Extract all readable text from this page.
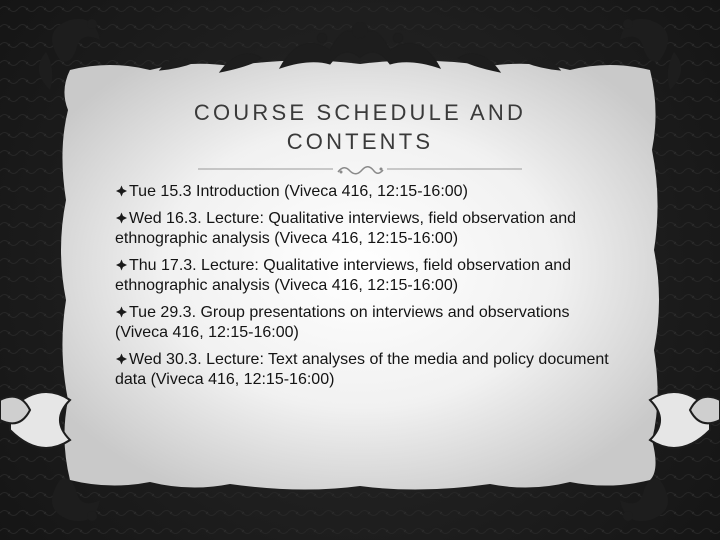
COURSE SCHEDULE AND
CONTENTS
Tue 15.3 Introduction (Viveca 416, 12:15-16:00)
Wed 16.3. Lecture: Qualitative interviews, field observation and ethnographic analysis (Viveca 416, 12:15-16:00)
Thu 17.3. Lecture: Qualitative interviews, field observation and ethnographic analysis (Viveca 416, 12:15-16:00)
Tue 29.3. Group presentations on interviews and observations (Viveca 416, 12:15-16:00)
Wed 30.3. Lecture: Text analyses of the media and policy document data (Viveca 416, 12:15-16:00)
